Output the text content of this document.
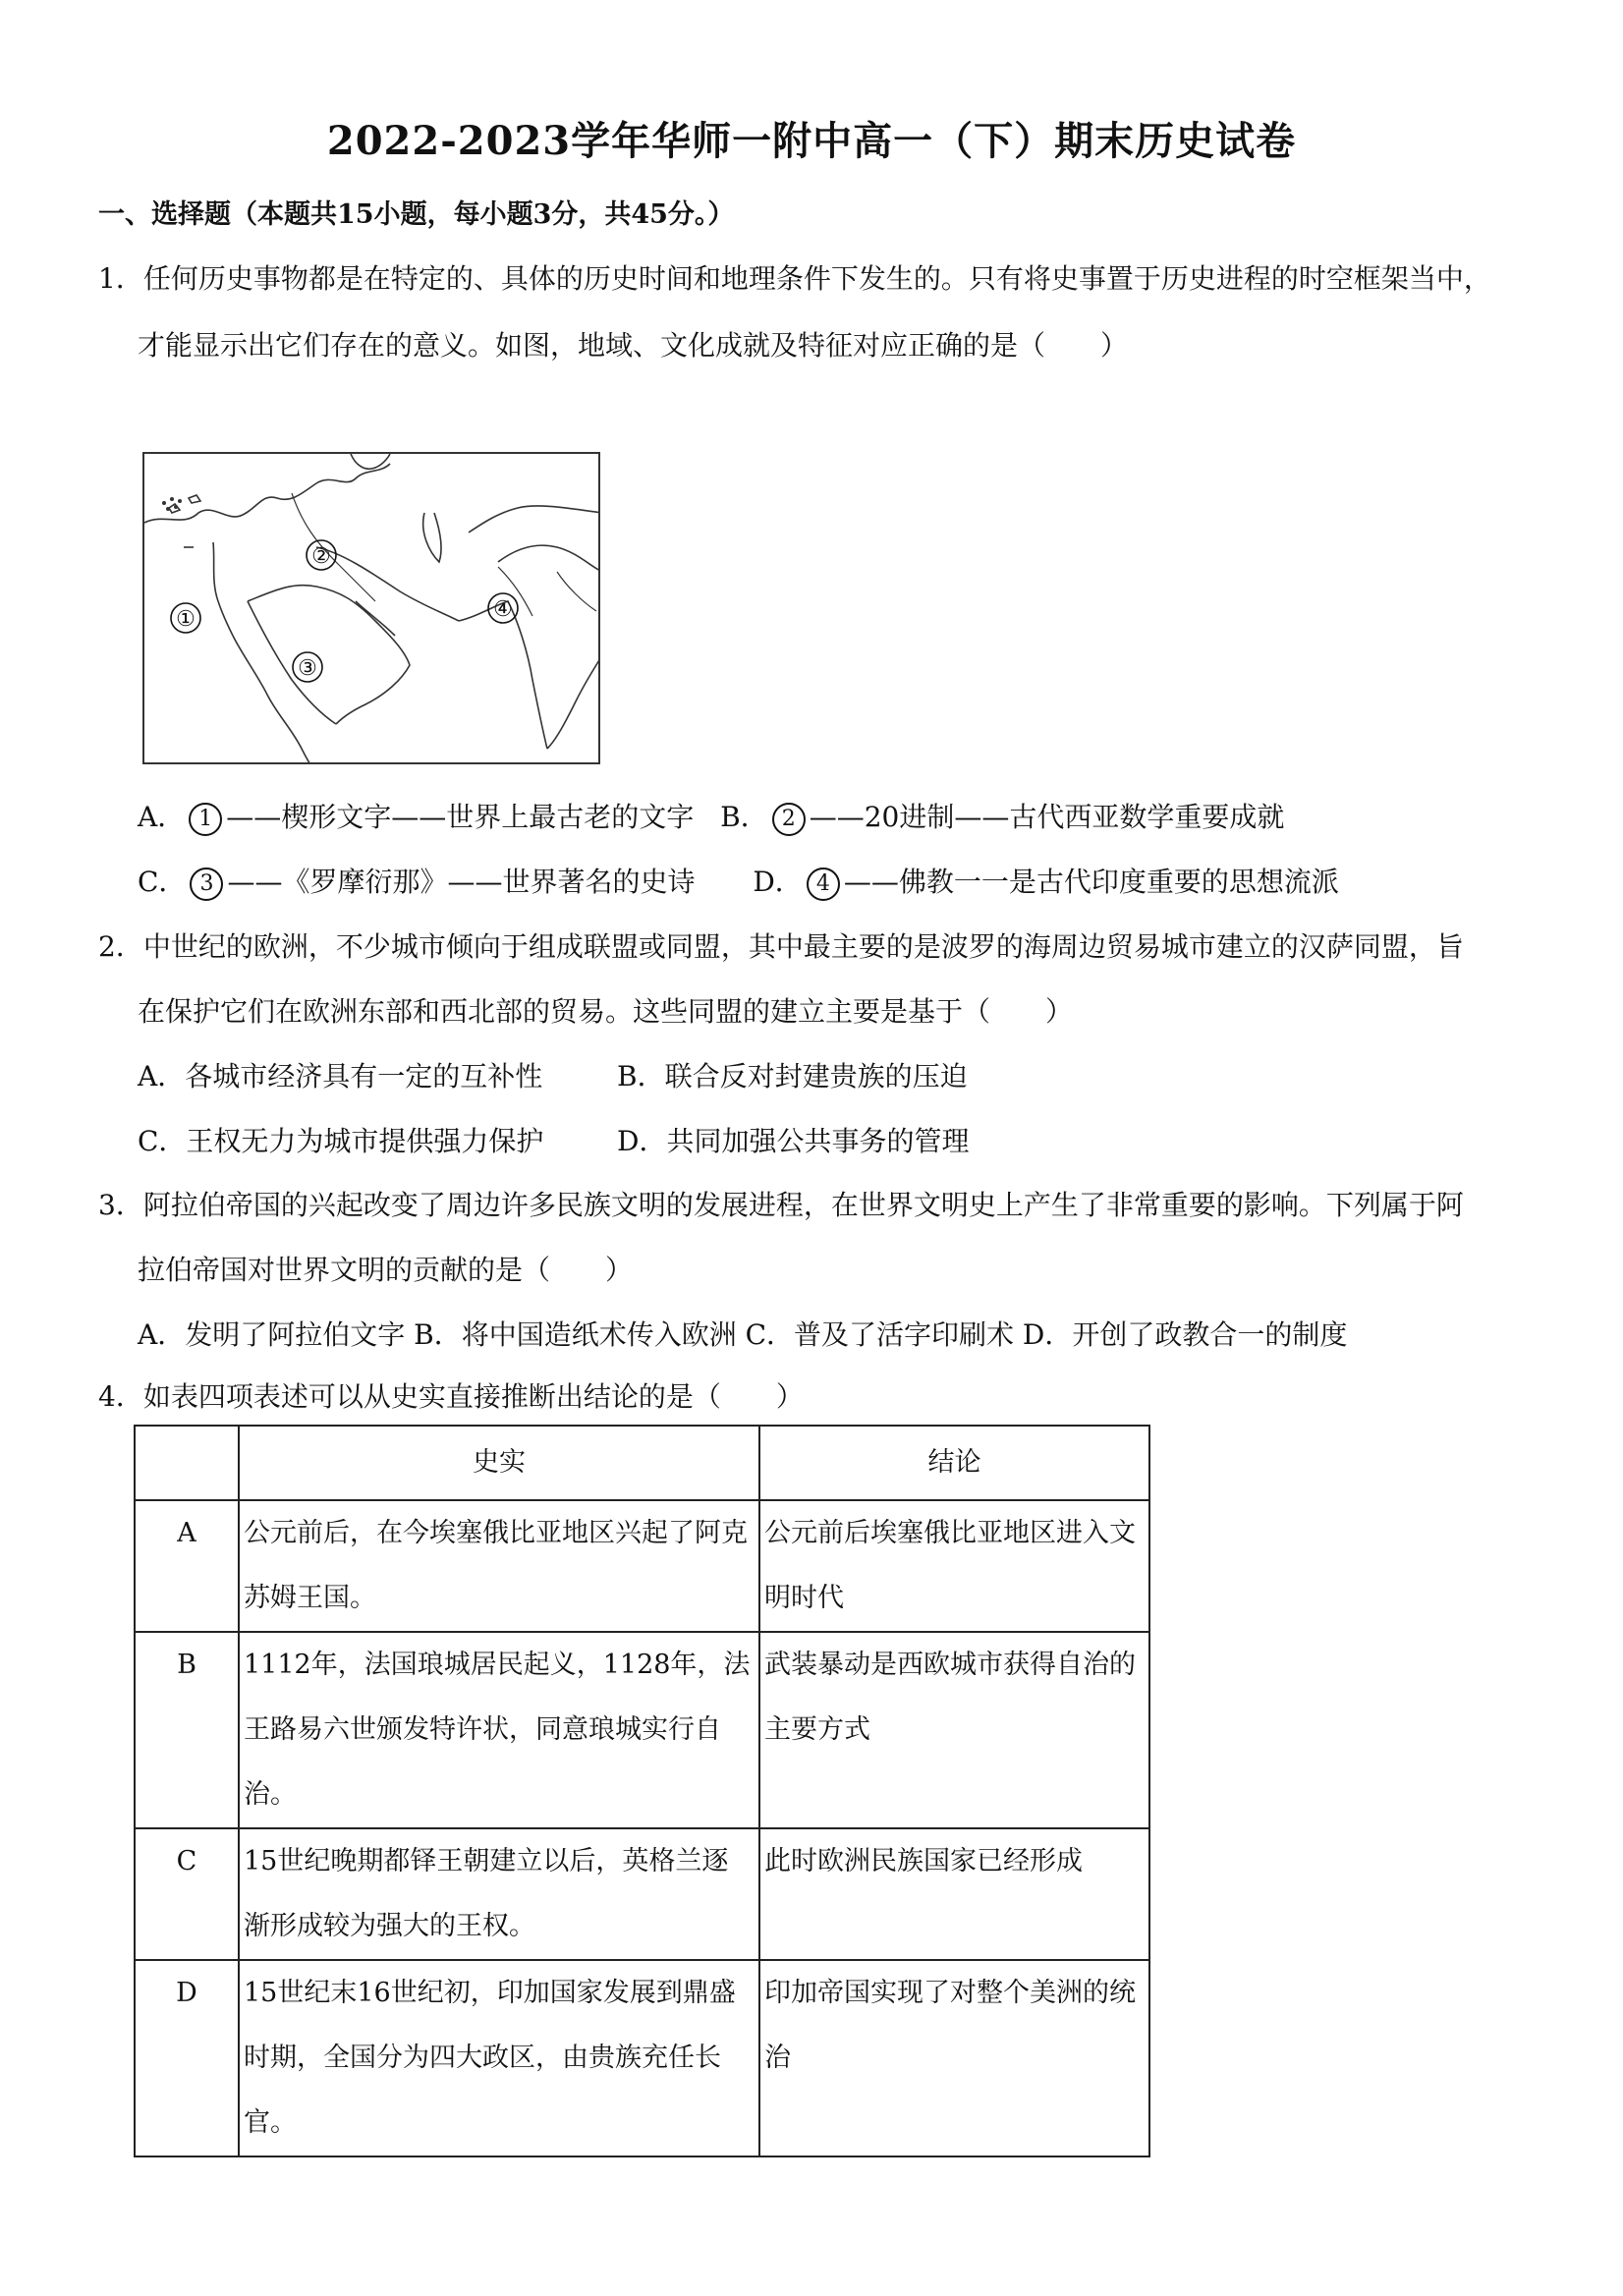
2022-2023学年华师一附中高一（下）期末历史试卷
一、选择题（本题共15小题，每小题3分，共45分。）
1．任何历史事物都是在特定的、具体的历史时间和地理条件下发生的。只有将史事置于历史进程的时空框架当中，
才能显示出它们存在的意义。如图，地域、文化成就及特征对应正确的是（　　）
①
②
③
④
A． 1 ——楔形文字——世界上最古老的文字 B． 2 ——20进制——古代西亚数学重要成就
C． 3 ——《罗摩衍那》——世界著名的史诗 D． 4 ——佛教一一是古代印度重要的思想流派
2．中世纪的欧洲，不少城市倾向于组成联盟或同盟，其中最主要的是波罗的海周边贸易城市建立的汉萨同盟，旨
在保护它们在欧洲东部和西北部的贸易。这些同盟的建立主要是基于（　　）
A．各城市经济具有一定的互补性	B．联合反对封建贵族的压迫
C．王权无力为城市提供强力保护	D．共同加强公共事务的管理
3．阿拉伯帝国的兴起改变了周边许多民族文明的发展进程，在世界文明史上产生了非常重要的影响。下列属于阿
拉伯帝国对世界文明的贡献的是（　　）
A．发明了阿拉伯文字 B．将中国造纸术传入欧洲 C．普及了活字印刷术 D．开创了政教合一的制度
4．如表四项表述可以从史实直接推断出结论的是（　　）
	史实	结论
A	公元前后，在今埃塞俄比亚地区兴起了阿克苏姆王国。	公元前后埃塞俄比亚地区进入文明时代
B	1112年，法国琅城居民起义，1128年，法王路易六世颁发特许状，同意琅城实行自治。	武装暴动是西欧城市获得自治的主要方式
C	15世纪晚期都铎王朝建立以后，英格兰逐渐形成较为强大的王权。	此时欧洲民族国家已经形成
D	15世纪末16世纪初，印加国家发展到鼎盛时期，全国分为四大政区，由贵族充任长官。	印加帝国实现了对整个美洲的统治
